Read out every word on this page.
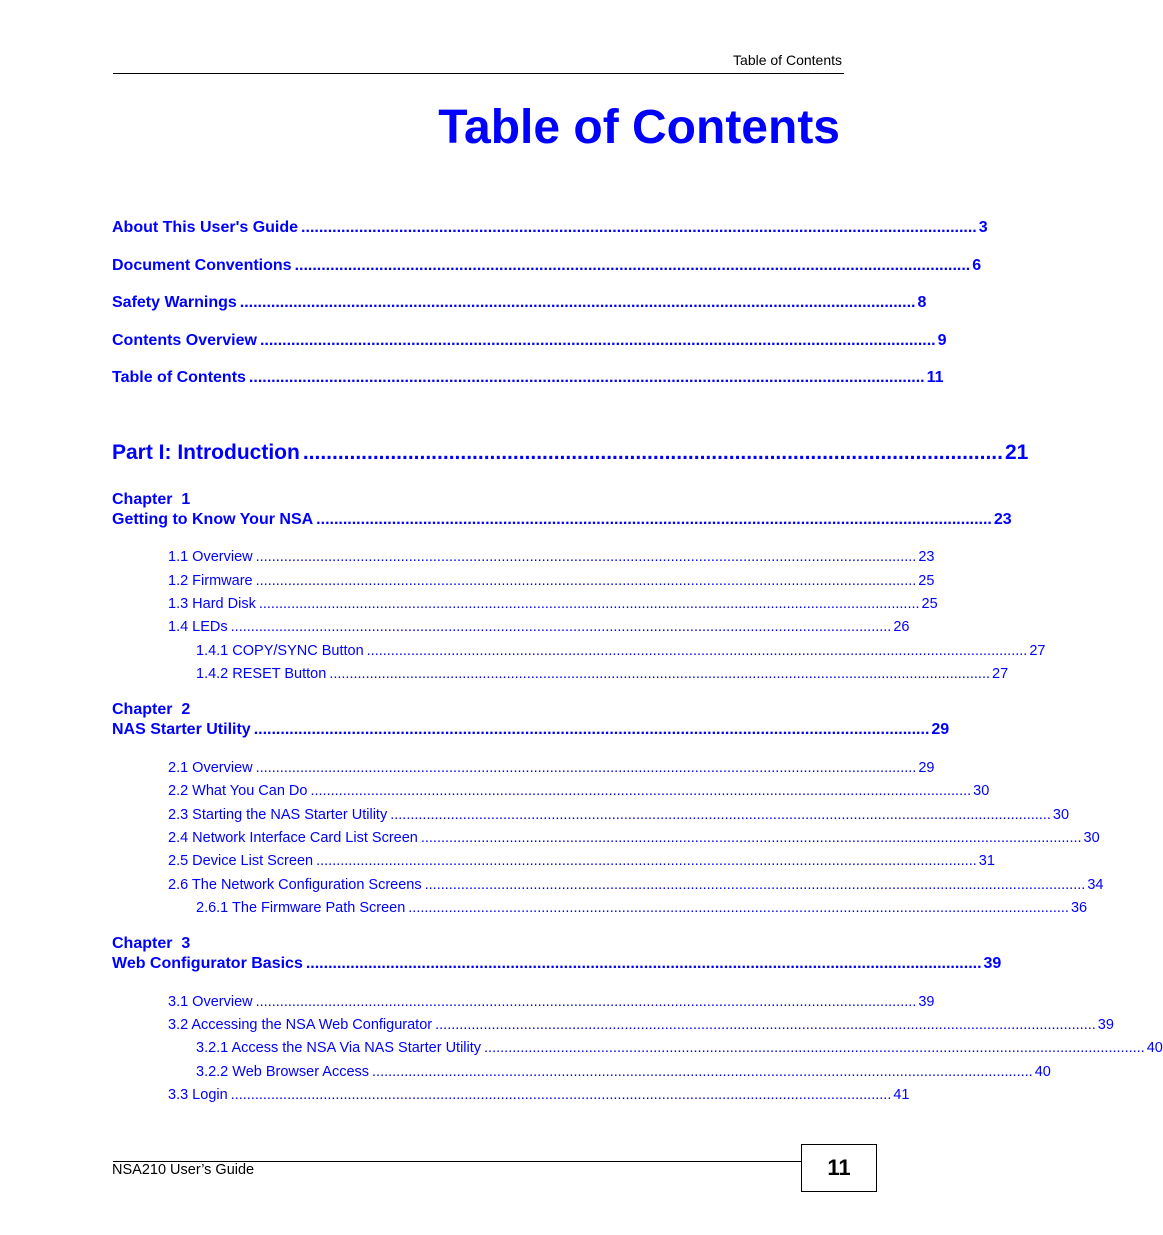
Table of Contents
Table of Contents
About This User's Guide ........................................................................................................................................................ 3
Document Conventions ........................................................................................................................................................ 6
Safety Warnings ........................................................................................................................................................ 8
Contents Overview ........................................................................................................................................................ 9
Table of Contents ........................................................................................................................................................ 11
Part I: Introduction ........................................................................................................................ 21
Chapter  1
Getting to Know Your NSA ........................................................................................................................................................ 23
1.1 Overview .................................................................................................................................................................... 23
1.2 Firmware .................................................................................................................................................................... 25
1.3 Hard Disk .................................................................................................................................................................... 25
1.4 LEDs .................................................................................................................................................................... 26
1.4.1 COPY/SYNC Button .................................................................................................................................................................... 27
1.4.2 RESET Button .................................................................................................................................................................... 27
Chapter  2
NAS Starter Utility ........................................................................................................................................................ 29
2.1 Overview .................................................................................................................................................................... 29
2.2 What You Can Do .................................................................................................................................................................... 30
2.3 Starting the NAS Starter Utility .................................................................................................................................................................... 30
2.4 Network Interface Card List Screen .................................................................................................................................................................... 30
2.5 Device List Screen .................................................................................................................................................................... 31
2.6 The Network Configuration Screens .................................................................................................................................................................... 34
2.6.1 The Firmware Path Screen .................................................................................................................................................................... 36
Chapter  3
Web Configurator Basics ........................................................................................................................................................ 39
3.1 Overview .................................................................................................................................................................... 39
3.2 Accessing the NSA Web Configurator .................................................................................................................................................................... 39
3.2.1 Access the NSA Via NAS Starter Utility .................................................................................................................................................................... 40
3.2.2 Web Browser Access .................................................................................................................................................................... 40
3.3 Login .................................................................................................................................................................... 41
NSA210 User’s Guide	11
